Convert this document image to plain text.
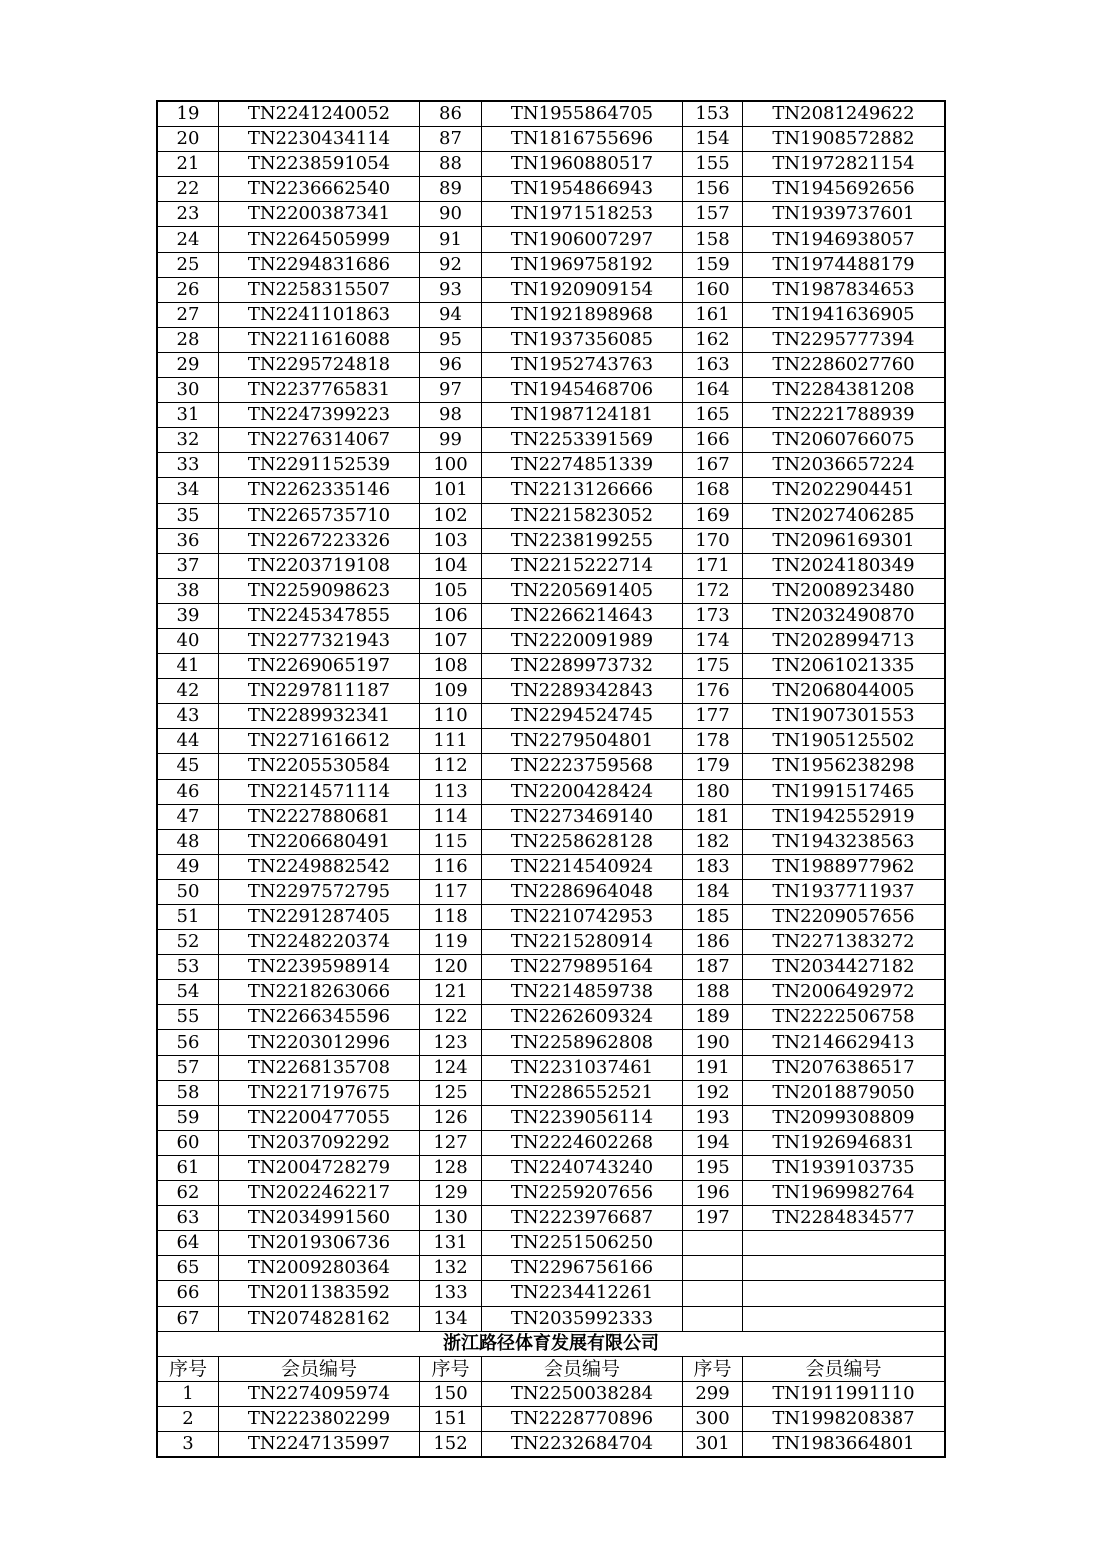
19	TN2241240052	86	TN1955864705	153	TN2081249622
20	TN2230434114	87	TN1816755696	154	TN1908572882
21	TN2238591054	88	TN1960880517	155	TN1972821154
22	TN2236662540	89	TN1954866943	156	TN1945692656
23	TN2200387341	90	TN1971518253	157	TN1939737601
24	TN2264505999	91	TN1906007297	158	TN1946938057
25	TN2294831686	92	TN1969758192	159	TN1974488179
26	TN2258315507	93	TN1920909154	160	TN1987834653
27	TN2241101863	94	TN1921898968	161	TN1941636905
28	TN2211616088	95	TN1937356085	162	TN2295777394
29	TN2295724818	96	TN1952743763	163	TN2286027760
30	TN2237765831	97	TN1945468706	164	TN2284381208
31	TN2247399223	98	TN1987124181	165	TN2221788939
32	TN2276314067	99	TN2253391569	166	TN2060766075
33	TN2291152539	100	TN2274851339	167	TN2036657224
34	TN2262335146	101	TN2213126666	168	TN2022904451
35	TN2265735710	102	TN2215823052	169	TN2027406285
36	TN2267223326	103	TN2238199255	170	TN2096169301
37	TN2203719108	104	TN2215222714	171	TN2024180349
38	TN2259098623	105	TN2205691405	172	TN2008923480
39	TN2245347855	106	TN2266214643	173	TN2032490870
40	TN2277321943	107	TN2220091989	174	TN2028994713
41	TN2269065197	108	TN2289973732	175	TN2061021335
42	TN2297811187	109	TN2289342843	176	TN2068044005
43	TN2289932341	110	TN2294524745	177	TN1907301553
44	TN2271616612	111	TN2279504801	178	TN1905125502
45	TN2205530584	112	TN2223759568	179	TN1956238298
46	TN2214571114	113	TN2200428424	180	TN1991517465
47	TN2227880681	114	TN2273469140	181	TN1942552919
48	TN2206680491	115	TN2258628128	182	TN1943238563
49	TN2249882542	116	TN2214540924	183	TN1988977962
50	TN2297572795	117	TN2286964048	184	TN1937711937
51	TN2291287405	118	TN2210742953	185	TN2209057656
52	TN2248220374	119	TN2215280914	186	TN2271383272
53	TN2239598914	120	TN2279895164	187	TN2034427182
54	TN2218263066	121	TN2214859738	188	TN2006492972
55	TN2266345596	122	TN2262609324	189	TN2222506758
56	TN2203012996	123	TN2258962808	190	TN2146629413
57	TN2268135708	124	TN2231037461	191	TN2076386517
58	TN2217197675	125	TN2286552521	192	TN2018879050
59	TN2200477055	126	TN2239056114	193	TN2099308809
60	TN2037092292	127	TN2224602268	194	TN1926946831
61	TN2004728279	128	TN2240743240	195	TN1939103735
62	TN2022462217	129	TN2259207656	196	TN1969982764
63	TN2034991560	130	TN2223976687	197	TN2284834577
64	TN2019306736	131	TN2251506250		
65	TN2009280364	132	TN2296756166		
66	TN2011383592	133	TN2234412261		
67	TN2074828162	134	TN2035992333		
浙江路径体育发展有限公司					
序号	会员编号	序号	会员编号	序号	会员编号
1	TN2274095974	150	TN2250038284	299	TN1911991110
2	TN2223802299	151	TN2228770896	300	TN1998208387
3	TN2247135997	152	TN2232684704	301	TN1983664801
